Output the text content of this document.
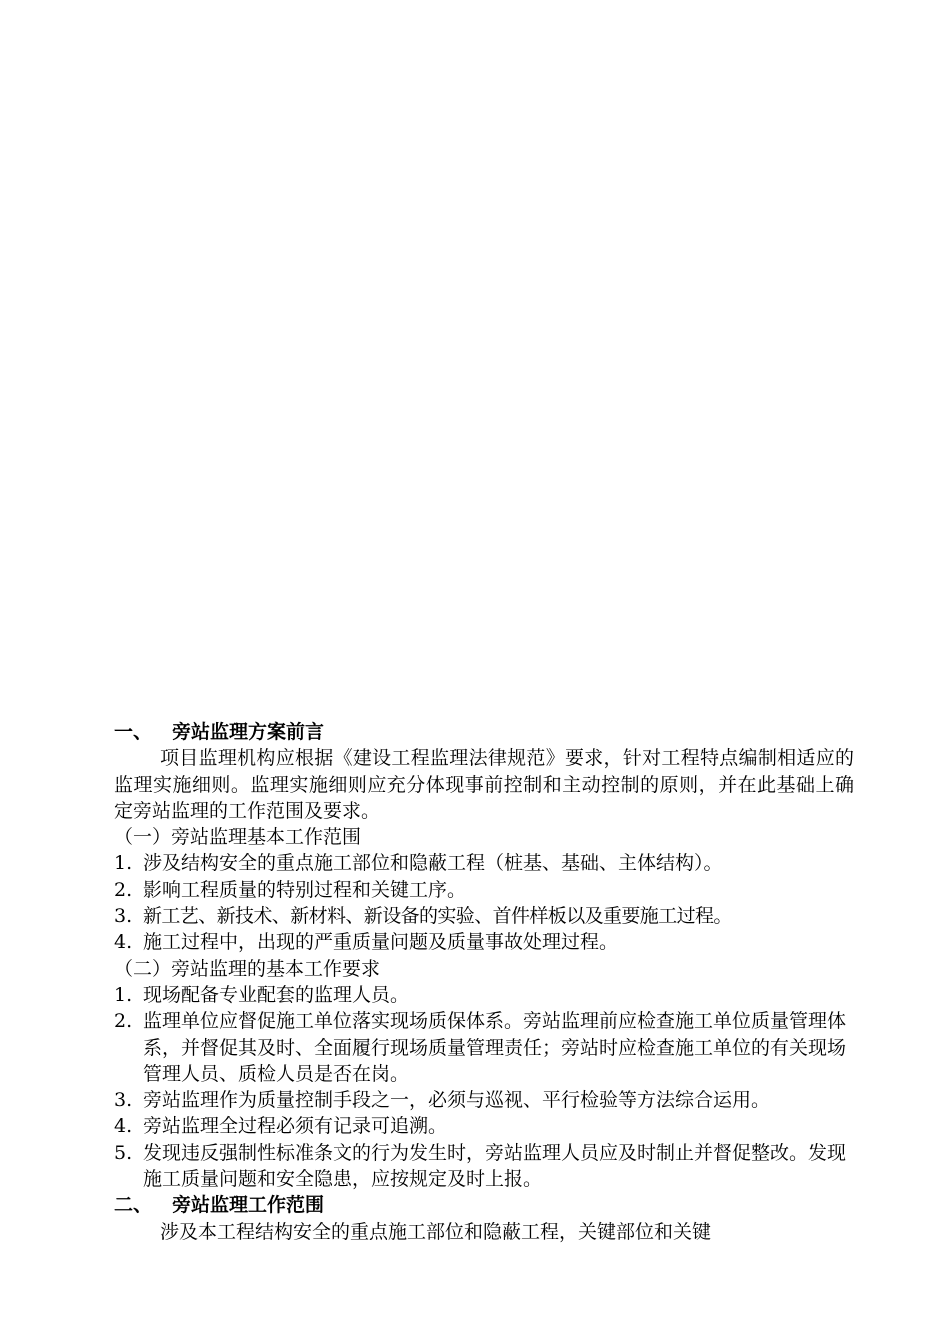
一、	旁站监理方案前言

项目监理机构应根据《建设工程监理法律规范》要求，针对工程特点编制相适应的监理实施细则。监理实施细则应充分体现事前控制和主动控制的原则，并在此基础上确定旁站监理的工作范围及要求。

（一）旁站监理基本工作范围

1. 涉及结构安全的重点施工部位和隐蔽工程（桩基、基础、主体结构）。
2. 影响工程质量的特别过程和关键工序。
3. 新工艺、新技术、新材料、新设备的实验、首件样板以及重要施工过程。
4. 施工过程中，出现的严重质量问题及质量事故处理过程。

（二）旁站监理的基本工作要求

1. 现场配备专业配套的监理人员。
2. 监理单位应督促施工单位落实现场质保体系。旁站监理前应检查施工单位质量管理体系，并督促其及时、全面履行现场质量管理责任；旁站时应检查施工单位的有关现场管理人员、质检人员是否在岗。
3. 旁站监理作为质量控制手段之一，必须与巡视、平行检验等方法综合运用。
4. 旁站监理全过程必须有记录可追溯。
5. 发现违反强制性标准条文的行为发生时，旁站监理人员应及时制止并督促整改。发现施工质量问题和安全隐患，应按规定及时上报。
二、	旁站监理工作范围

涉及本工程结构安全的重点施工部位和隐蔽工程，关键部位和关键
